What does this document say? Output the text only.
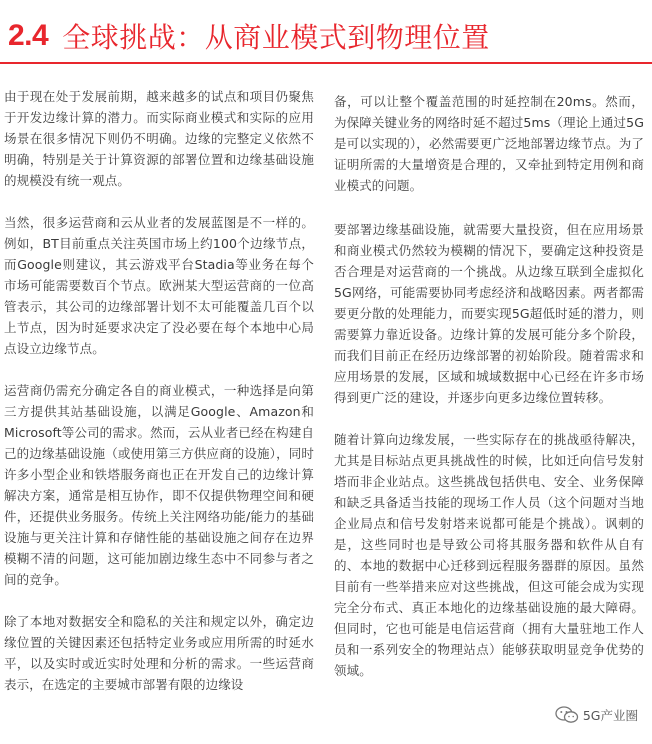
2.4 全球挑战：从商业模式到物理位置

由于现在处于发展前期，越来越多的试点和项目仍聚焦于开发边缘计算的潜力。而实际商业模式和实际的应用场景在很多情况下则仍不明确。边缘的完整定义依然不明确，特别是关于计算资源的部署位置和边缘基础设施的规模没有统一观点。

当然，很多运营商和云从业者的发展蓝图是不一样的。例如，BT目前重点关注英国市场上约100个边缘节点，而Google则建议，其云游戏平台Stadia等业务在每个市场可能需要数百个节点。欧洲某大型运营商的一位高管表示，其公司的边缘部署计划不太可能覆盖几百个以上节点，因为时延要求决定了没必要在每个本地中心局点设立边缘节点。

运营商仍需充分确定各自的商业模式，一种选择是向第三方提供其站基础设施，以满足Google、Amazon和Microsoft等公司的需求。然而，云从业者已经在构建自己的边缘基础设施（或使用第三方供应商的设施），同时许多小型企业和铁塔服务商也正在开发自己的边缘计算解决方案，通常是相互协作，即不仅提供物理空间和硬件，还提供业务服务。传统上关注网络功能/能力的基础设施与更关注计算和存储性能的基础设施之间存在边界模糊不清的问题，这可能加剧边缘生态中不同参与者之间的竞争。

除了本地对数据安全和隐私的关注和规定以外，确定边缘位置的关键因素还包括特定业务或应用所需的时延水平，以及实时或近实时处理和分析的需求。一些运营商表示，在选定的主要城市部署有限的边缘设

备，可以让整个覆盖范围的时延控制在20ms。然而，为保障关键业务的网络时延不超过5ms（理论上通过5G是可以实现的），必然需要更广泛地部署边缘节点。为了证明所需的大量增资是合理的，又牵扯到特定用例和商业模式的问题。

要部署边缘基础设施，就需要大量投资，但在应用场景和商业模式仍然较为模糊的情况下，要确定这种投资是否合理是对运营商的一个挑战。从边缘互联到全虚拟化5G网络，可能需要协同考虑经济和战略因素。两者都需要更分散的处理能力，而要实现5G超低时延的潜力，则需要算力靠近设备。边缘计算的发展可能分多个阶段，而我们目前正在经历边缘部署的初始阶段。随着需求和应用场景的发展，区域和城域数据中心已经在许多市场得到更广泛的建设，并逐步向更多边缘位置转移。

随着计算向边缘发展，一些实际存在的挑战亟待解决，尤其是目标站点更具挑战性的时候，比如迁向信号发射塔而非企业站点。这些挑战包括供电、安全、业务保障和缺乏具备适当技能的现场工作人员（这个问题对当地企业局点和信号发射塔来说都可能是个挑战）。讽刺的是，这些同时也是导致公司将其服务器和软件从自有的、本地的数据中心迁移到远程服务器群的原因。虽然目前有一些举措来应对这些挑战，但这可能会成为实现完全分布式、真正本地化的边缘基础设施的最大障碍。但同时，它也可能是电信运营商（拥有大量驻地工作人员和一系列安全的物理站点）能够获取明显竞争优势的领域。

5G产业圈
